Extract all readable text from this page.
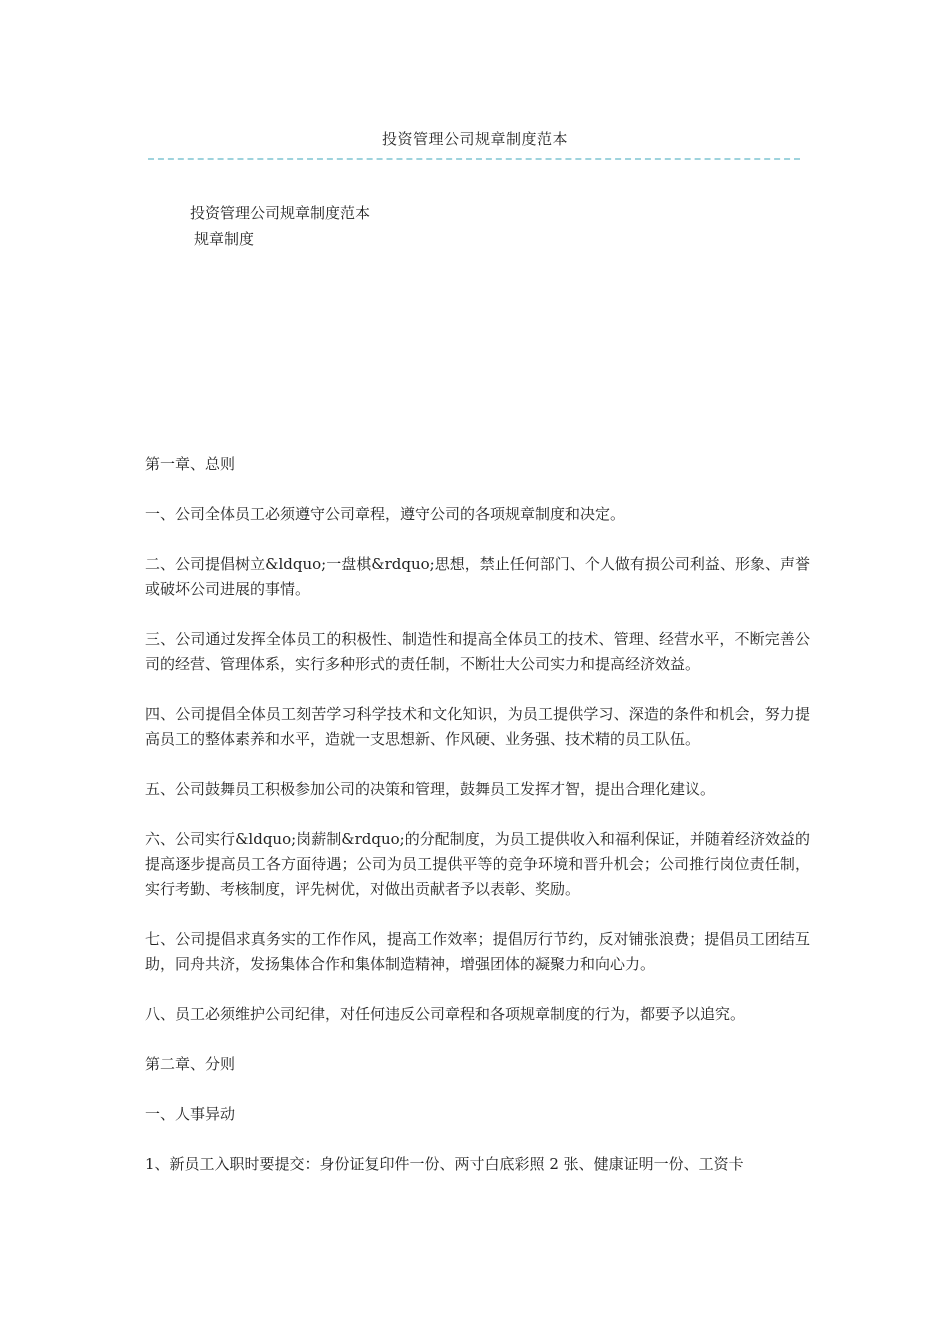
投资管理公司规章制度范本
投资管理公司规章制度范本
规章制度

第一章、总则

一、公司全体员工必须遵守公司章程，遵守公司的各项规章制度和决定。

二、公司提倡树立&ldquo;一盘棋&rdquo;思想，禁止任何部门、个人做有损公司利益、形象、声誉或破坏公司进展的事情。

三、公司通过发挥全体员工的积极性、制造性和提高全体员工的技术、管理、经营水平，不断完善公司的经营、管理体系，实行多种形式的责任制，不断壮大公司实力和提高经济效益。

四、公司提倡全体员工刻苦学习科学技术和文化知识，为员工提供学习、深造的条件和机会，努力提高员工的整体素养和水平，造就一支思想新、作风硬、业务强、技术精的员工队伍。

五、公司鼓舞员工积极参加公司的决策和管理，鼓舞员工发挥才智，提出合理化建议。

六、公司实行&ldquo;岗薪制&rdquo;的分配制度，为员工提供收入和福利保证，并随着经济效益的提高逐步提高员工各方面待遇；公司为员工提供平等的竞争环境和晋升机会；公司推行岗位责任制，实行考勤、考核制度，评先树优，对做出贡献者予以表彰、奖励。

七、公司提倡求真务实的工作作风，提高工作效率；提倡厉行节约，反对铺张浪费；提倡员工团结互助，同舟共济，发扬集体合作和集体制造精神，增强团体的凝聚力和向心力。

八、员工必须维护公司纪律，对任何违反公司章程和各项规章制度的行为，都要予以追究。

第二章、分则

一、人事异动

1、新员工入职时要提交：身份证复印件一份、两寸白底彩照 2 张、健康证明一份、工资卡
